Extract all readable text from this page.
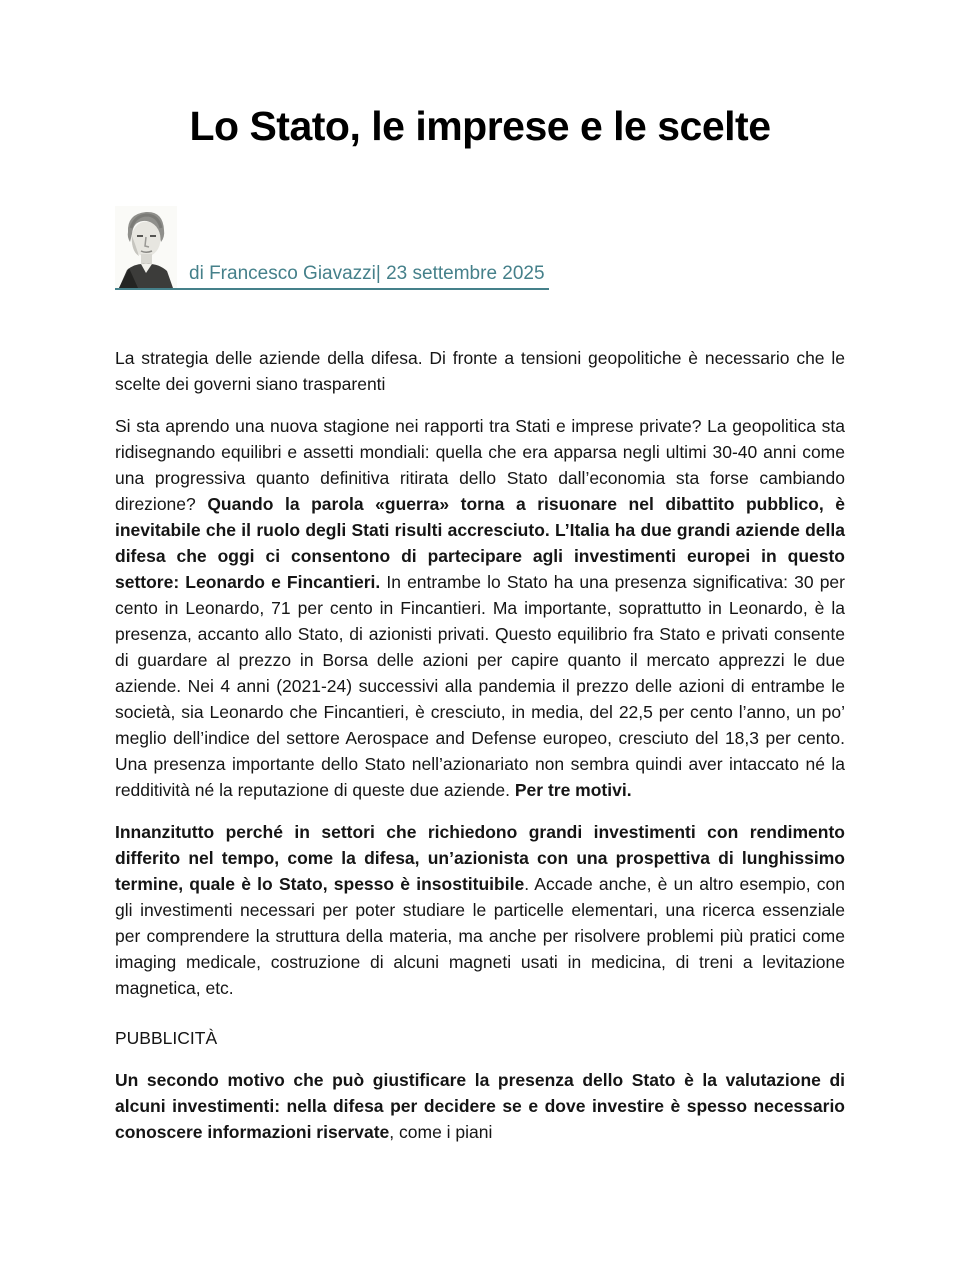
Lo Stato, le imprese e le scelte
di Francesco Giavazzi| 23 settembre 2025

La strategia delle aziende della difesa. Di fronte a tensioni geopolitiche è necessario che le scelte dei governi siano trasparenti

Si sta aprendo una nuova stagione nei rapporti tra Stati e imprese private? La geopolitica sta ridisegnando equilibri e assetti mondiali: quella che era apparsa negli ultimi 30-40 anni come una progressiva quanto definitiva ritirata dello Stato dall’economia sta forse cambiando direzione? Quando la parola «guerra» torna a risuonare nel dibattito pubblico, è inevitabile che il ruolo degli Stati risulti accresciuto. L’Italia ha due grandi aziende della difesa che oggi ci consentono di partecipare agli investimenti europei in questo settore: Leonardo e Fincantieri. In entrambe lo Stato ha una presenza significativa: 30 per cento in Leonardo, 71 per cento in Fincantieri. Ma importante, soprattutto in Leonardo, è la presenza, accanto allo Stato, di azionisti privati. Questo equilibrio fra Stato e privati consente di guardare al prezzo in Borsa delle azioni per capire quanto il mercato apprezzi le due aziende. Nei 4 anni (2021-24) successivi alla pandemia il prezzo delle azioni di entrambe le società, sia Leonardo che Fincantieri, è cresciuto, in media, del 22,5 per cento l’anno, un po’ meglio dell’indice del settore Aerospace and Defense europeo, cresciuto del 18,3 per cento. Una presenza importante dello Stato nell’azionariato non sembra quindi aver intaccato né la redditività né la reputazione di queste due aziende. Per tre motivi.

Innanzitutto perché in settori che richiedono grandi investimenti con rendimento differito nel tempo, come la difesa, un’azionista con una prospettiva di lunghissimo termine, quale è lo Stato, spesso è insostituibile. Accade anche, è un altro esempio, con gli investimenti necessari per poter studiare le particelle elementari, una ricerca essenziale per comprendere la struttura della materia, ma anche per risolvere problemi più pratici come imaging medicale, costruzione di alcuni magneti usati in medicina, di treni a levitazione magnetica, etc.

PUBBLICITÀ

Un secondo motivo che può giustificare la presenza dello Stato è la valutazione di alcuni investimenti: nella difesa per decidere se e dove investire è spesso necessario conoscere informazioni riservate, come i piani
